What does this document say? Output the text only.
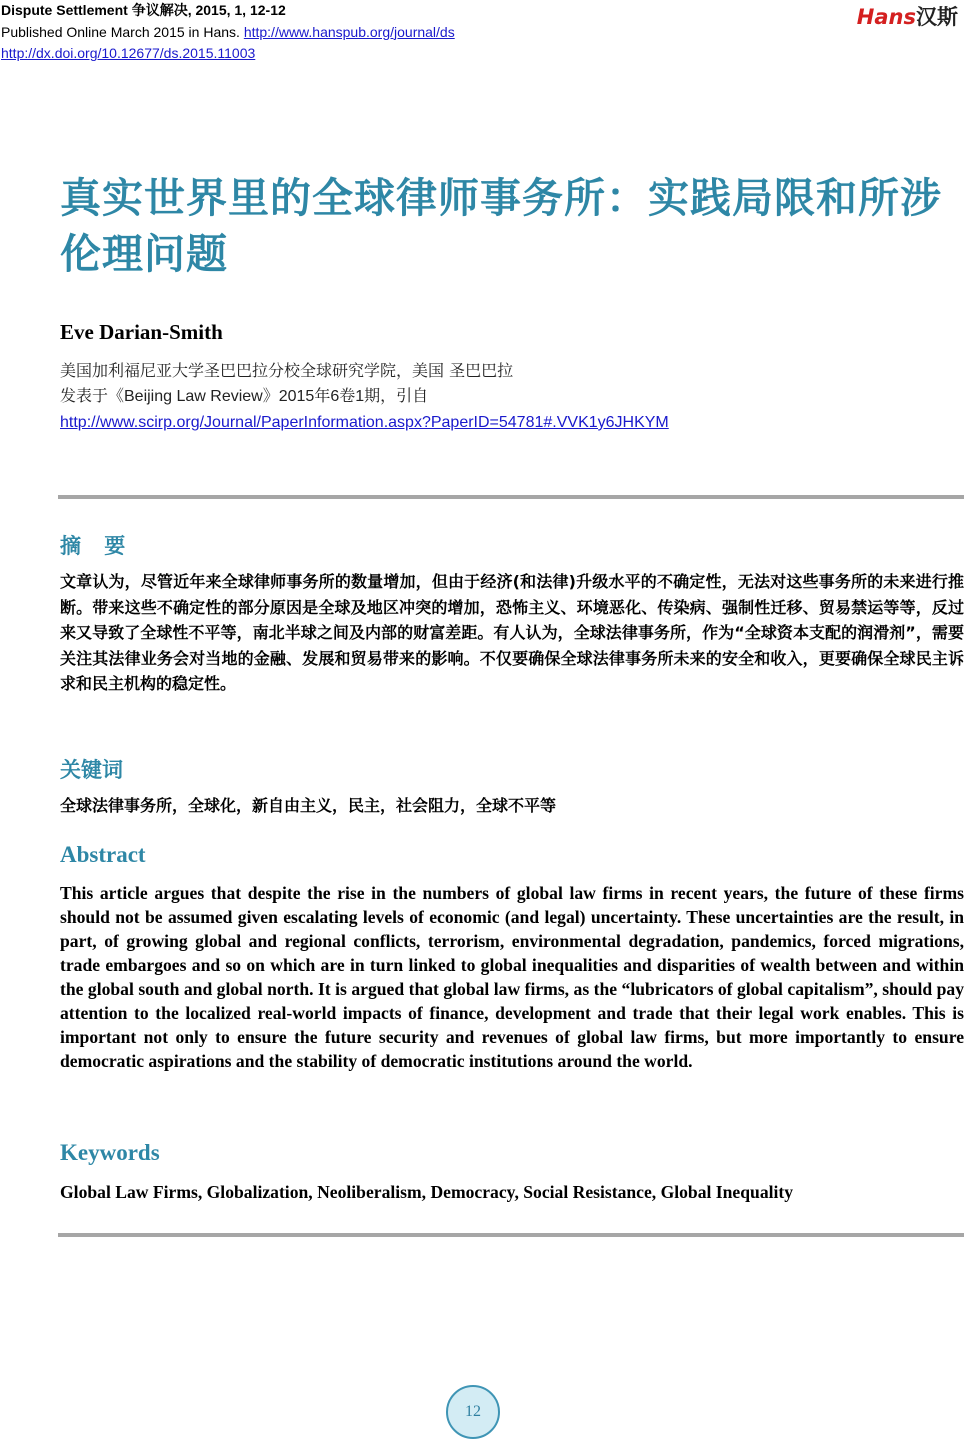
Dispute Settlement 争议解决, 2015, 1, 12-12
Published Online March 2015 in Hans. http://www.hanspub.org/journal/ds
http://dx.doi.org/10.12677/ds.2015.11003
Hans汉斯
真实世界里的全球律师事务所：实践局限和所涉伦理问题
Eve Darian-Smith
美国加利福尼亚大学圣巴巴拉分校全球研究学院，美国 圣巴巴拉
发表于《Beijing Law Review》2015年6卷1期，引自
http://www.scirp.org/Journal/PaperInformation.aspx?PaperID=54781#.VVK1y6JHKYM
摘 要
文章认为，尽管近年来全球律师事务所的数量增加，但由于经济(和法律)升级水平的不确定性，无法对这些事务所的未来进行推断。带来这些不确定性的部分原因是全球及地区冲突的增加，恐怖主义、环境恶化、传染病、强制性迁移、贸易禁运等等，反过来又导致了全球性不平等，南北半球之间及内部的财富差距。有人认为，全球法律事务所，作为“全球资本支配的润滑剂”，需要关注其法律业务会对当地的金融、发展和贸易带来的影响。不仅要确保全球法律事务所未来的安全和收入，更要确保全球民主诉求和民主机构的稳定性。
关键词
全球法律事务所，全球化，新自由主义，民主，社会阻力，全球不平等
Abstract
This article argues that despite the rise in the numbers of global law firms in recent years, the future of these firms should not be assumed given escalating levels of economic (and legal) uncertainty. These uncertainties are the result, in part, of growing global and regional conflicts, terrorism, environmental degradation, pandemics, forced migrations, trade embargoes and so on which are in turn linked to global inequalities and disparities of wealth between and within the global south and global north. It is argued that global law firms, as the “lubricators of global capitalism”, should pay attention to the localized real-world impacts of finance, development and trade that their legal work enables. This is important not only to ensure the future security and revenues of global law firms, but more importantly to ensure democratic aspirations and the stability of democratic institutions around the world.
Keywords
Global Law Firms, Globalization, Neoliberalism, Democracy, Social Resistance, Global Inequality
12
